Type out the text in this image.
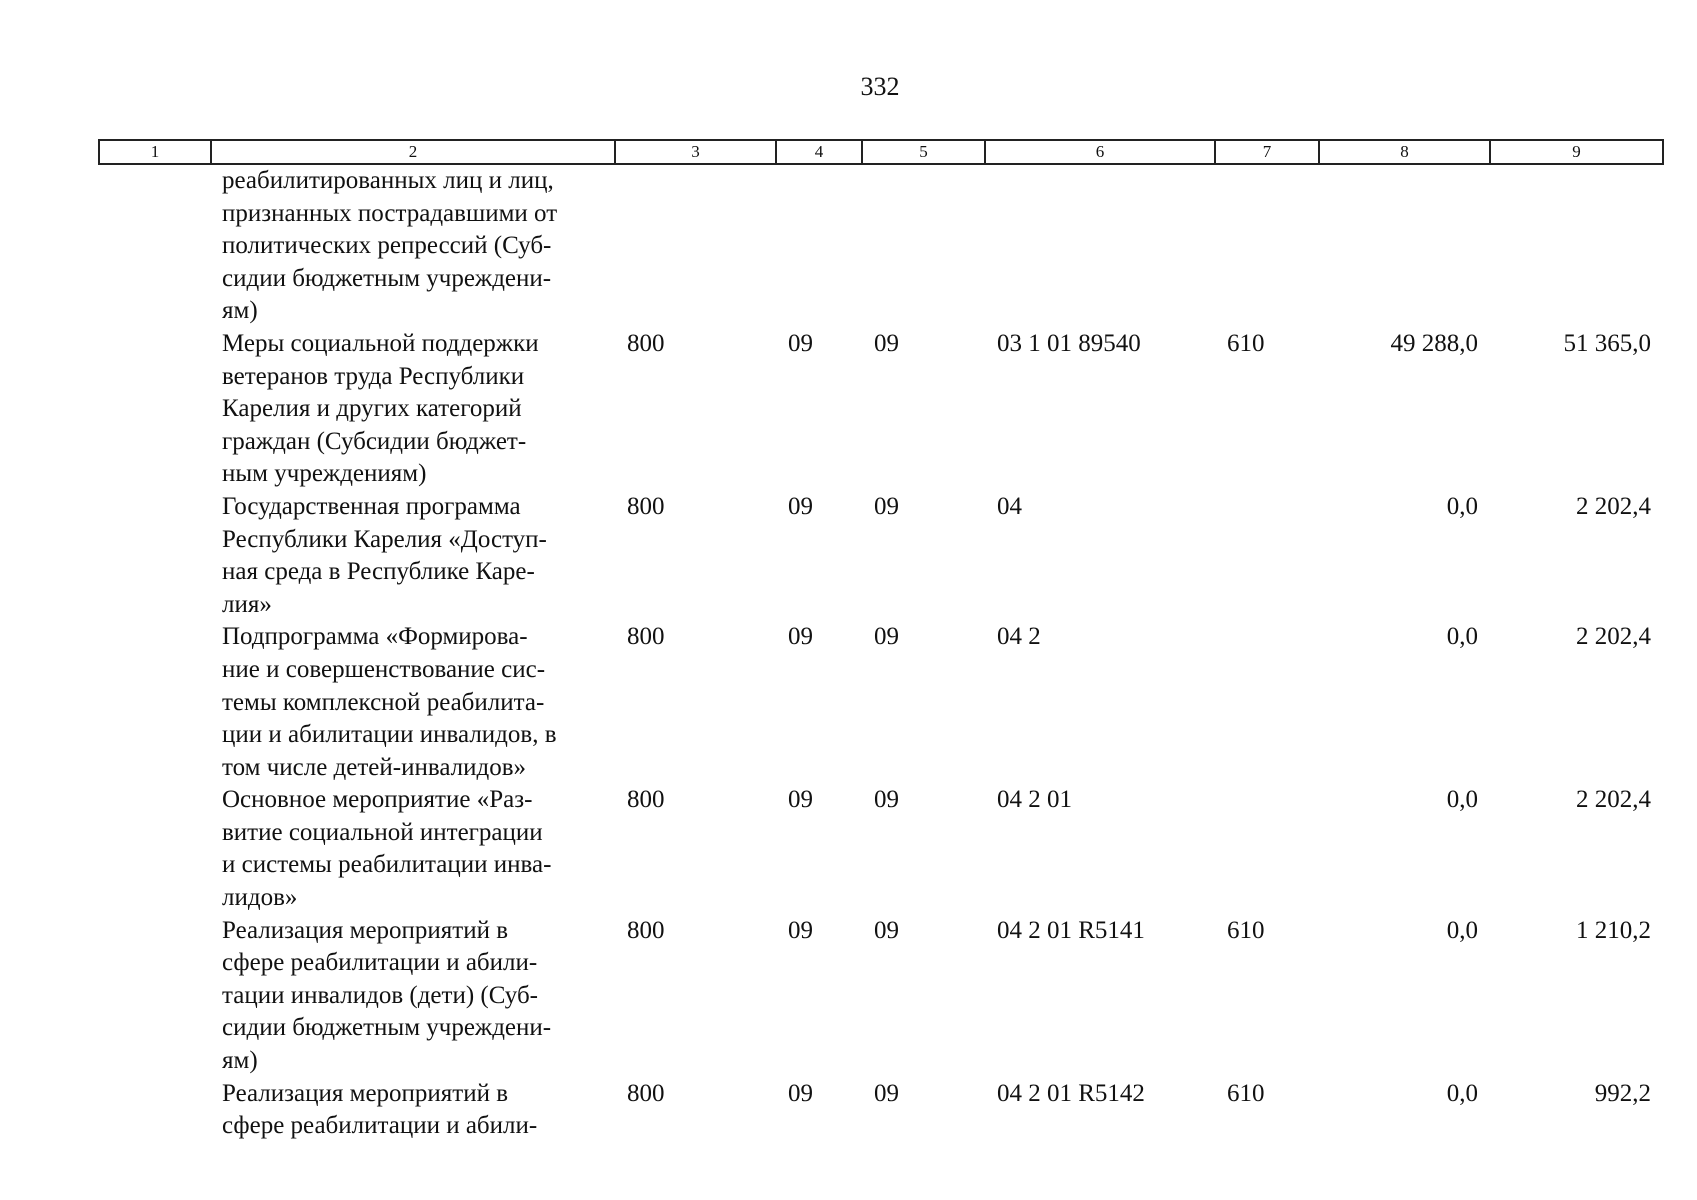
332
1	2	3	4	5	6	7	8	9
	реабилитированных лиц и лиц,
признанных пострадавшими от
политических репрессий (Суб-
сидии бюджетным учреждени-
ям)							
	Меры социальной поддержки
ветеранов труда Республики
Карелия и других категорий
граждан (Субсидии бюджет-
ным учреждениям)	800	09	09	03 1 01 89540	610	49 288,0	51 365,0
	Государственная программа
Республики Карелия «Доступ-
ная среда в Республике Каре-
лия»	800	09	09	04		0,0	2 202,4
	Подпрограмма «Формирова-
ние и совершенствование сис-
темы комплексной реабилита-
ции и абилитации инвалидов, в
том числе детей-инвалидов»	800	09	09	04 2		0,0	2 202,4
	Основное мероприятие «Раз-
витие социальной интеграции
и системы реабилитации инва-
лидов»	800	09	09	04 2 01		0,0	2 202,4
	Реализация мероприятий в
сфере реабилитации и абили-
тации инвалидов (дети) (Суб-
сидии бюджетным учреждени-
ям)	800	09	09	04 2 01 R5141	610	0,0	1 210,2
	Реализация мероприятий в
сфере реабилитации и абили-	800	09	09	04 2 01 R5142	610	0,0	992,2
